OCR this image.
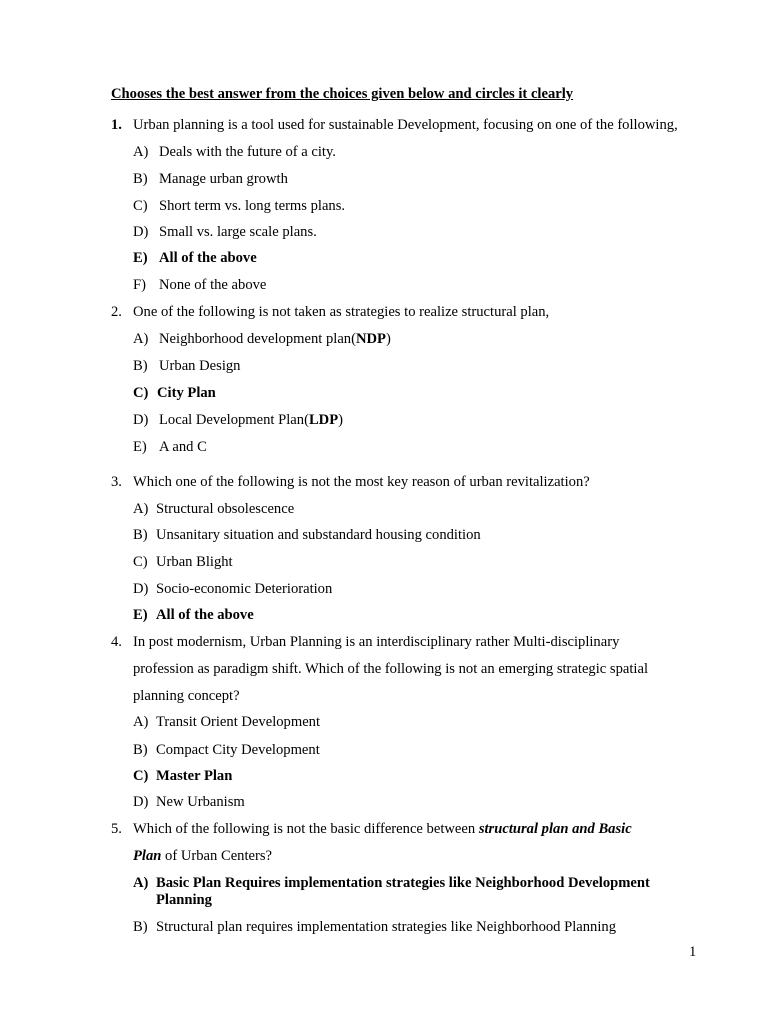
Chooses the best answer from the choices given below and circles it clearly
1. Urban planning is a tool used for sustainable Development, focusing on one of the following,
A) Deals with the future of a city.
B) Manage urban growth
C) Short term vs. long terms plans.
D) Small vs. large scale plans.
E) All of the above
F) None of the above
2. One of the following is not taken as strategies to realize structural plan,
A) Neighborhood development plan(NDP)
B) Urban Design
C) City Plan
D) Local Development Plan(LDP)
E) A and C
3. Which one of the following is not the most key reason of urban revitalization?
A) Structural obsolescence
B) Unsanitary situation and substandard housing condition
C) Urban Blight
D) Socio-economic Deterioration
E) All of the above
4. In post modernism, Urban Planning is an interdisciplinary rather Multi-disciplinary
profession as paradigm shift. Which of the following is not an emerging strategic spatial
planning concept?
A) Transit Orient Development
B) Compact City Development
C) Master Plan
D) New Urbanism
5. Which of the following is not the basic difference between structural plan and Basic
Plan of Urban Centers?
A) Basic Plan Requires implementation strategies like Neighborhood Development
Planning
B) Structural plan requires implementation strategies like Neighborhood Planning
1
